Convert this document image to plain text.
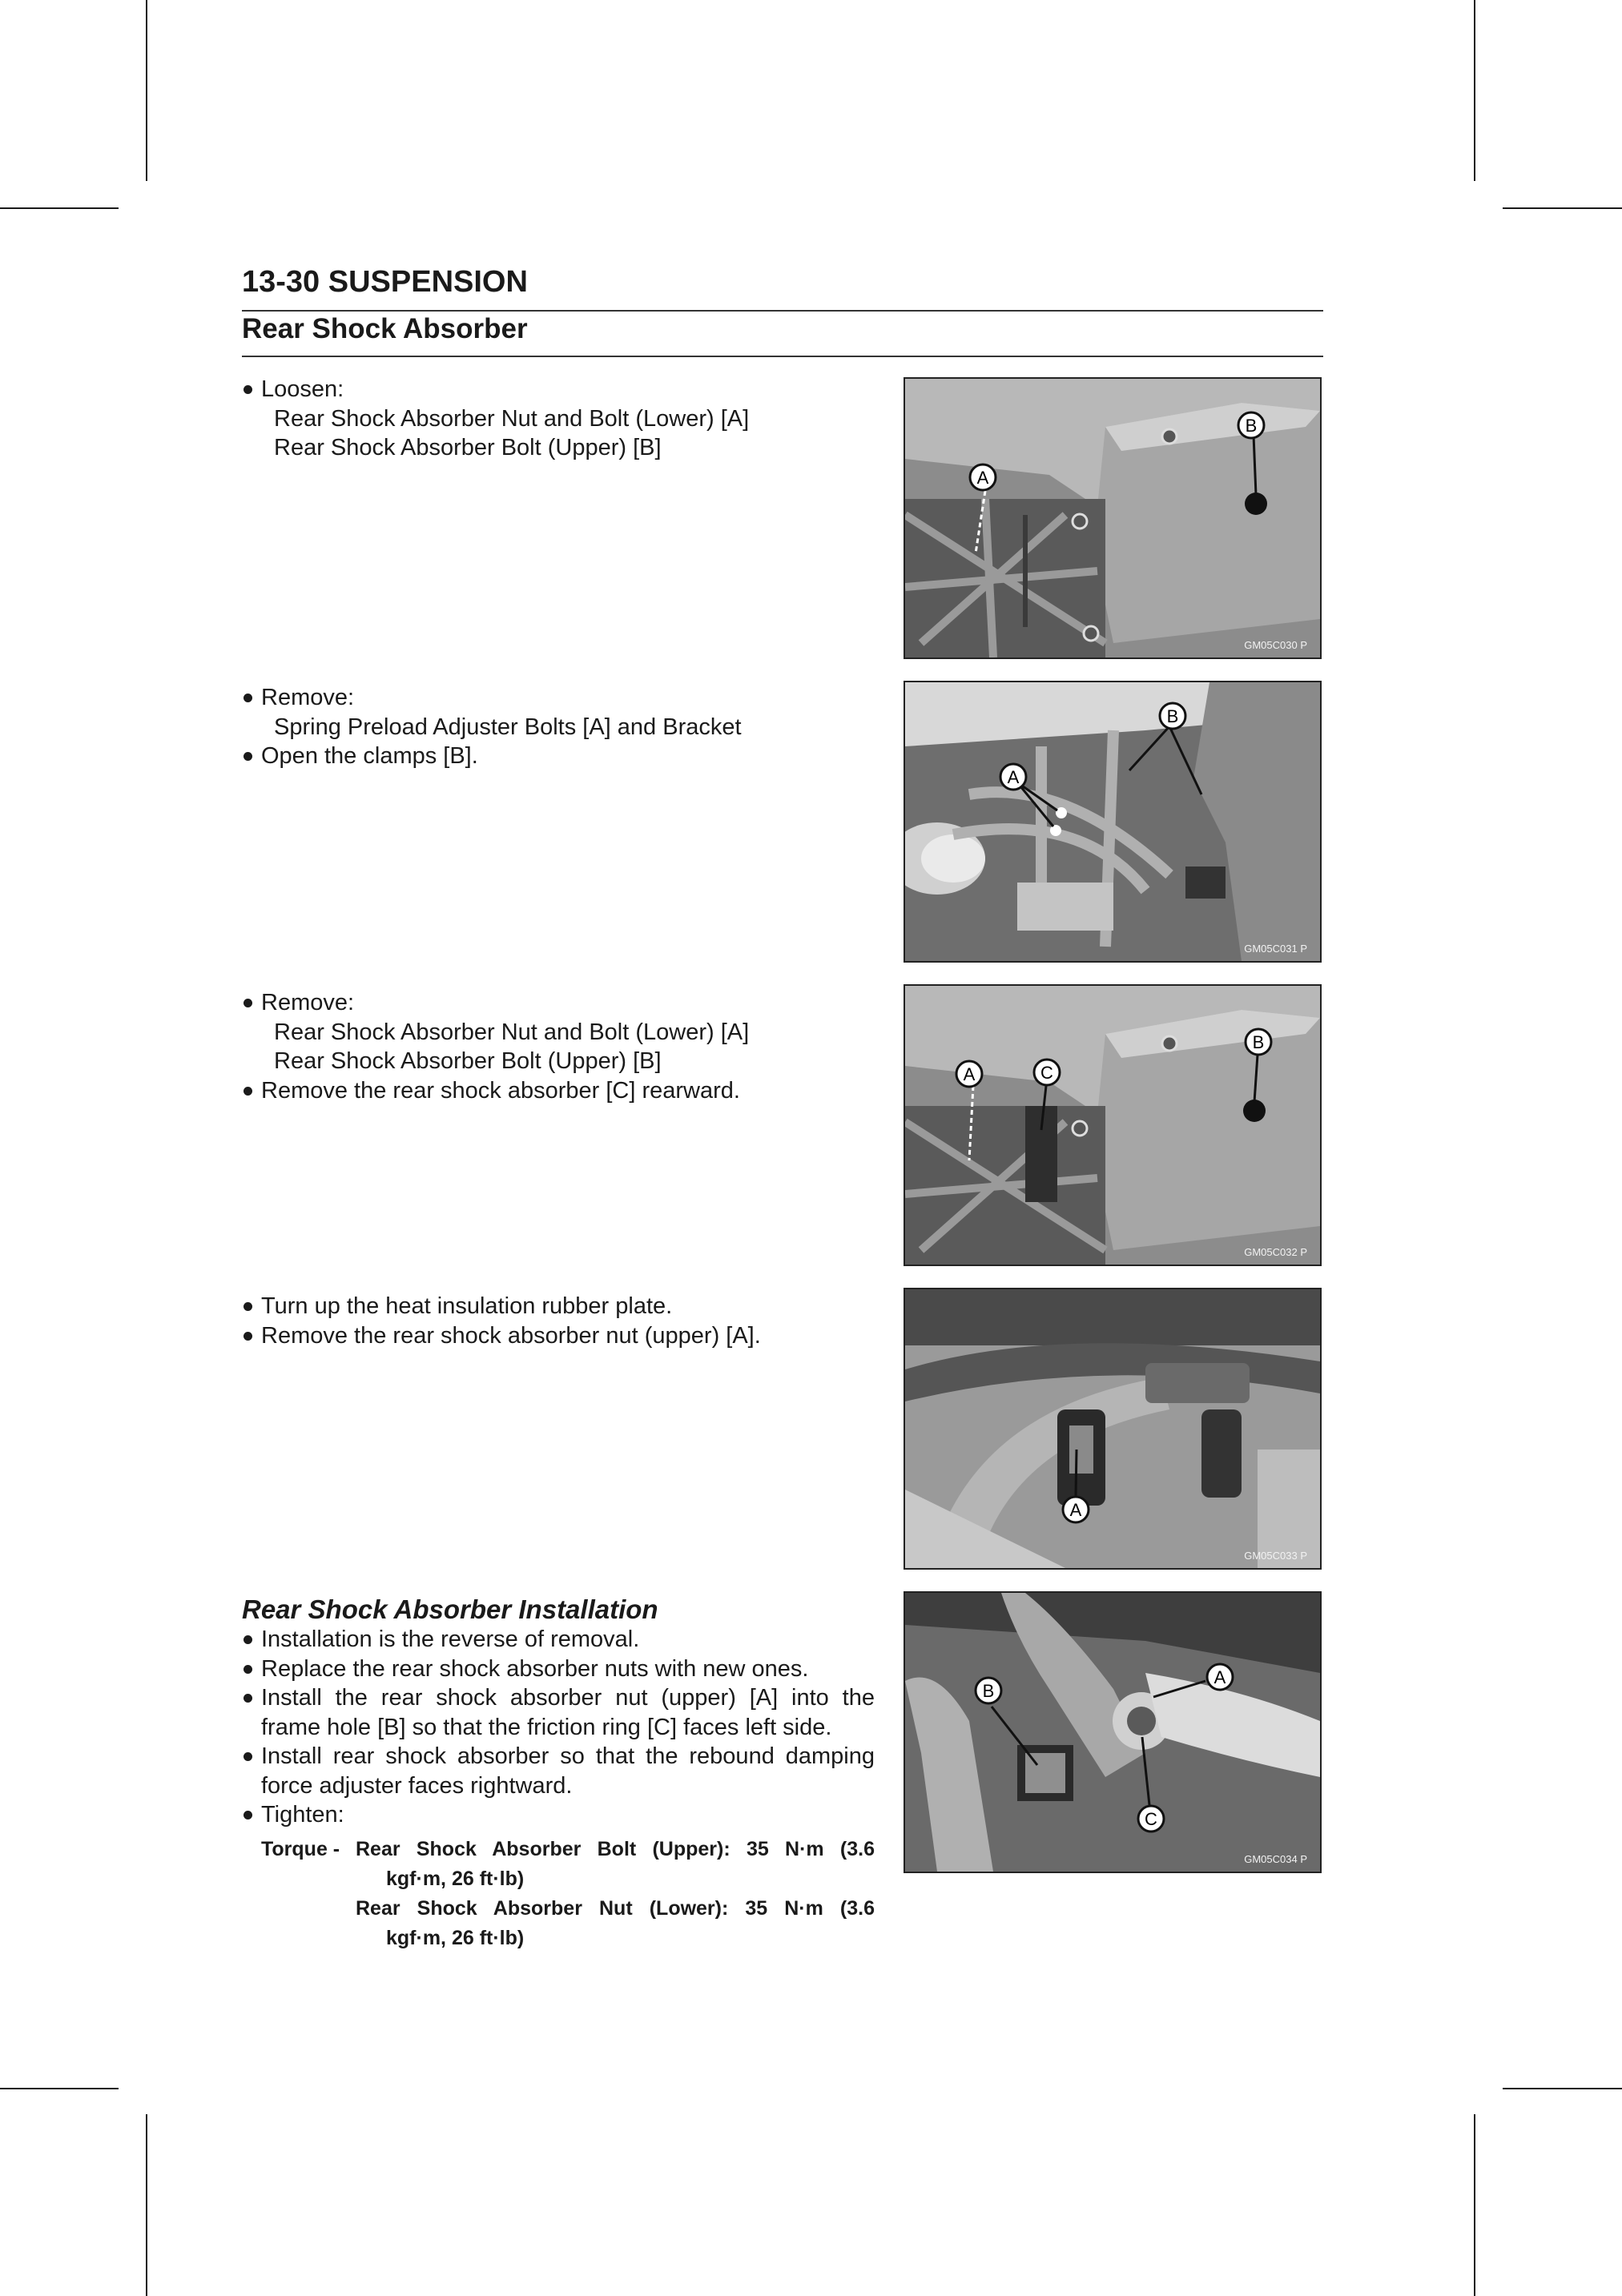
13-30 SUSPENSION
Rear Shock Absorber
Loosen:
Rear Shock Absorber Nut and Bolt (Lower) [A]
Rear Shock Absorber Bolt (Upper) [B]
Remove:
Spring Preload Adjuster Bolts [A] and Bracket
Open the clamps [B].
Remove:
Rear Shock Absorber Nut and Bolt (Lower) [A]
Rear Shock Absorber Bolt (Upper) [B]
Remove the rear shock absorber [C] rearward.
Turn up the heat insulation rubber plate.
Remove the rear shock absorber nut (upper) [A].
Rear Shock Absorber Installation
Installation is the reverse of removal.
Replace the rear shock absorber nuts with new ones.
Install the rear shock absorber nut (upper) [A] into the frame hole [B] so that the friction ring [C] faces left side.
Install rear shock absorber so that the rebound damping force adjuster faces rightward.
Tighten:
Torque - Rear Shock Absorber Bolt (Upper): 35 N·m (3.6
kgf·m, 26 ft·lb)
Rear Shock Absorber Nut (Lower): 35 N·m (3.6
kgf·m, 26 ft·lb)
A
B
GM05C030 P
A
B
GM05C031 P
A	C
B
GM05C032 P
A
GM05C033 P
B
A
C
GM05C034 P
